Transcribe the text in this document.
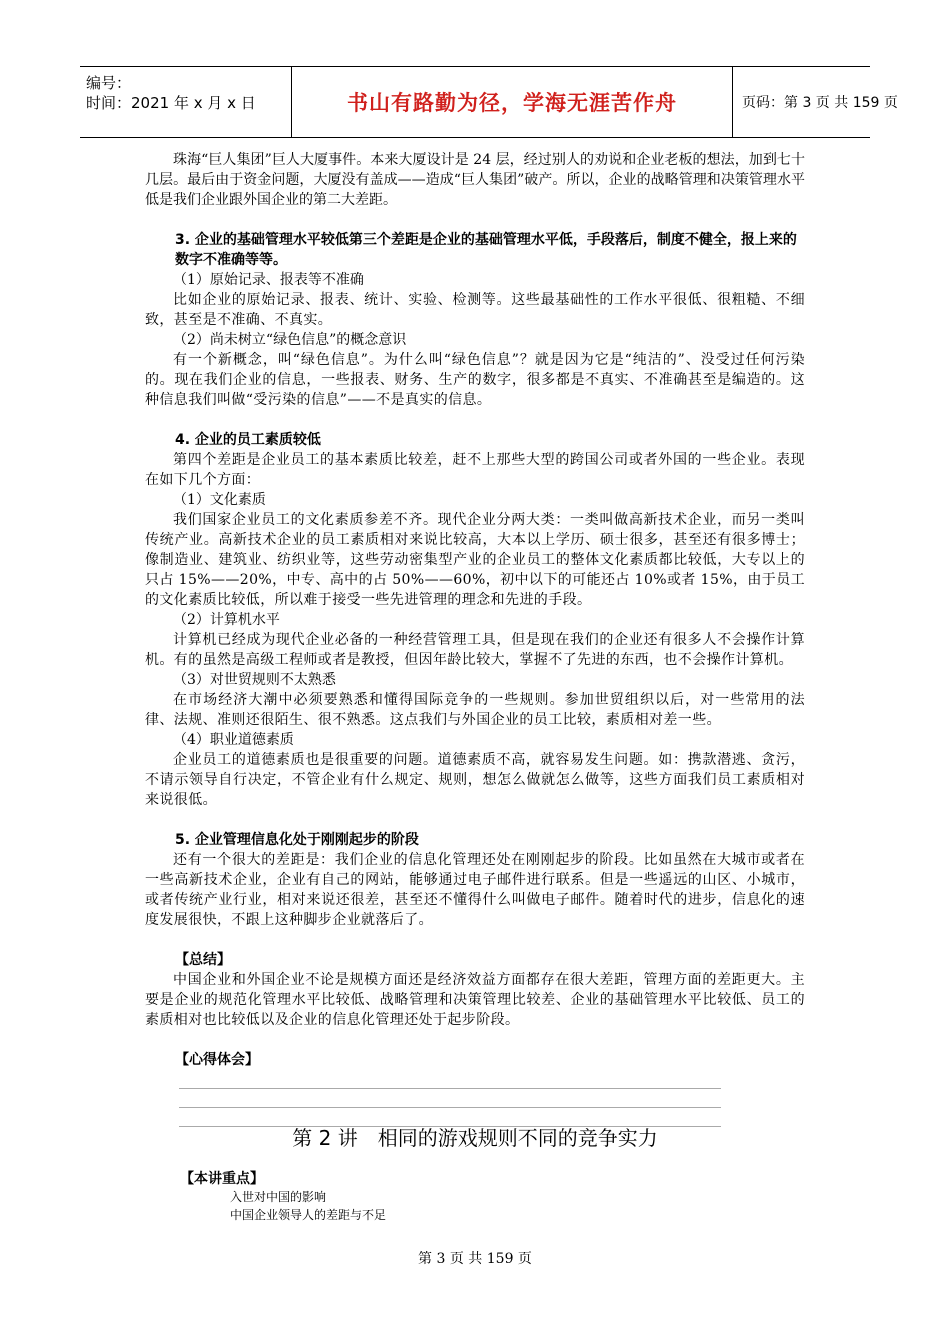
编号：
时间：2021 年 x 月 x 日	书山有路勤为径，学海无涯苦作舟	页码：第 3 页 共 159 页

珠海“巨人集团”巨人大厦事件。本来大厦设计是 24 层，经过别人的劝说和企业老板的想法，加到七十几层。最后由于资金问题，大厦没有盖成——造成“巨人集团”破产。所以，企业的战略管理和决策管理水平低是我们企业跟外国企业的第二大差距。

3. 企业的基础管理水平较低第三个差距是企业的基础管理水平低，手段落后，制度不健全，报上来的数字不准确等等。

（1）原始记录、报表等不准确

比如企业的原始记录、报表、统计、实验、检测等。这些最基础性的工作水平很低、很粗糙、不细致，甚至是不准确、不真实。

（2）尚未树立“绿色信息”的概念意识

有一个新概念，叫“绿色信息”。为什么叫“绿色信息”？就是因为它是“纯洁的”、没受过任何污染的。现在我们企业的信息，一些报表、财务、生产的数字，很多都是不真实、不准确甚至是编造的。这种信息我们叫做“受污染的信息”——不是真实的信息。

4. 企业的员工素质较低

第四个差距是企业员工的基本素质比较差，赶不上那些大型的跨国公司或者外国的一些企业。表现在如下几个方面：

（1）文化素质

我们国家企业员工的文化素质参差不齐。现代企业分两大类：一类叫做高新技术企业，而另一类叫传统产业。高新技术企业的员工素质相对来说比较高，大本以上学历、硕士很多，甚至还有很多博士；像制造业、建筑业、纺织业等，这些劳动密集型产业的企业员工的整体文化素质都比较低，大专以上的只占 15%——20%，中专、高中的占 50%——60%，初中以下的可能还占 10%或者 15%，由于员工的文化素质比较低，所以难于接受一些先进管理的理念和先进的手段。

（2）计算机水平

计算机已经成为现代企业必备的一种经营管理工具，但是现在我们的企业还有很多人不会操作计算机。有的虽然是高级工程师或者是教授，但因年龄比较大，掌握不了先进的东西，也不会操作计算机。

（3）对世贸规则不太熟悉

在市场经济大潮中必须要熟悉和懂得国际竞争的一些规则。参加世贸组织以后，对一些常用的法律、法规、准则还很陌生、很不熟悉。这点我们与外国企业的员工比较，素质相对差一些。

（4）职业道德素质

企业员工的道德素质也是很重要的问题。道德素质不高，就容易发生问题。如：携款潜逃、贪污，不请示领导自行决定，不管企业有什么规定、规则，想怎么做就怎么做等，这些方面我们员工素质相对来说很低。

5. 企业管理信息化处于刚刚起步的阶段

还有一个很大的差距是：我们企业的信息化管理还处在刚刚起步的阶段。比如虽然在大城市或者在一些高新技术企业，企业有自己的网站，能够通过电子邮件进行联系。但是一些遥远的山区、小城市，或者传统产业行业，相对来说还很差，甚至还不懂得什么叫做电子邮件。随着时代的进步，信息化的速度发展很快，不跟上这种脚步企业就落后了。

【总结】

中国企业和外国企业不论是规模方面还是经济效益方面都存在很大差距，管理方面的差距更大。主要是企业的规范化管理水平比较低、战略管理和决策管理比较差、企业的基础管理水平比较低、员工的素质相对也比较低以及企业的信息化管理还处于起步阶段。

【心得体会】

第 2 讲　相同的游戏规则不同的竞争实力
【本讲重点】
入世对中国的影响
中国企业领导人的差距与不足
第 3 页 共 159 页
